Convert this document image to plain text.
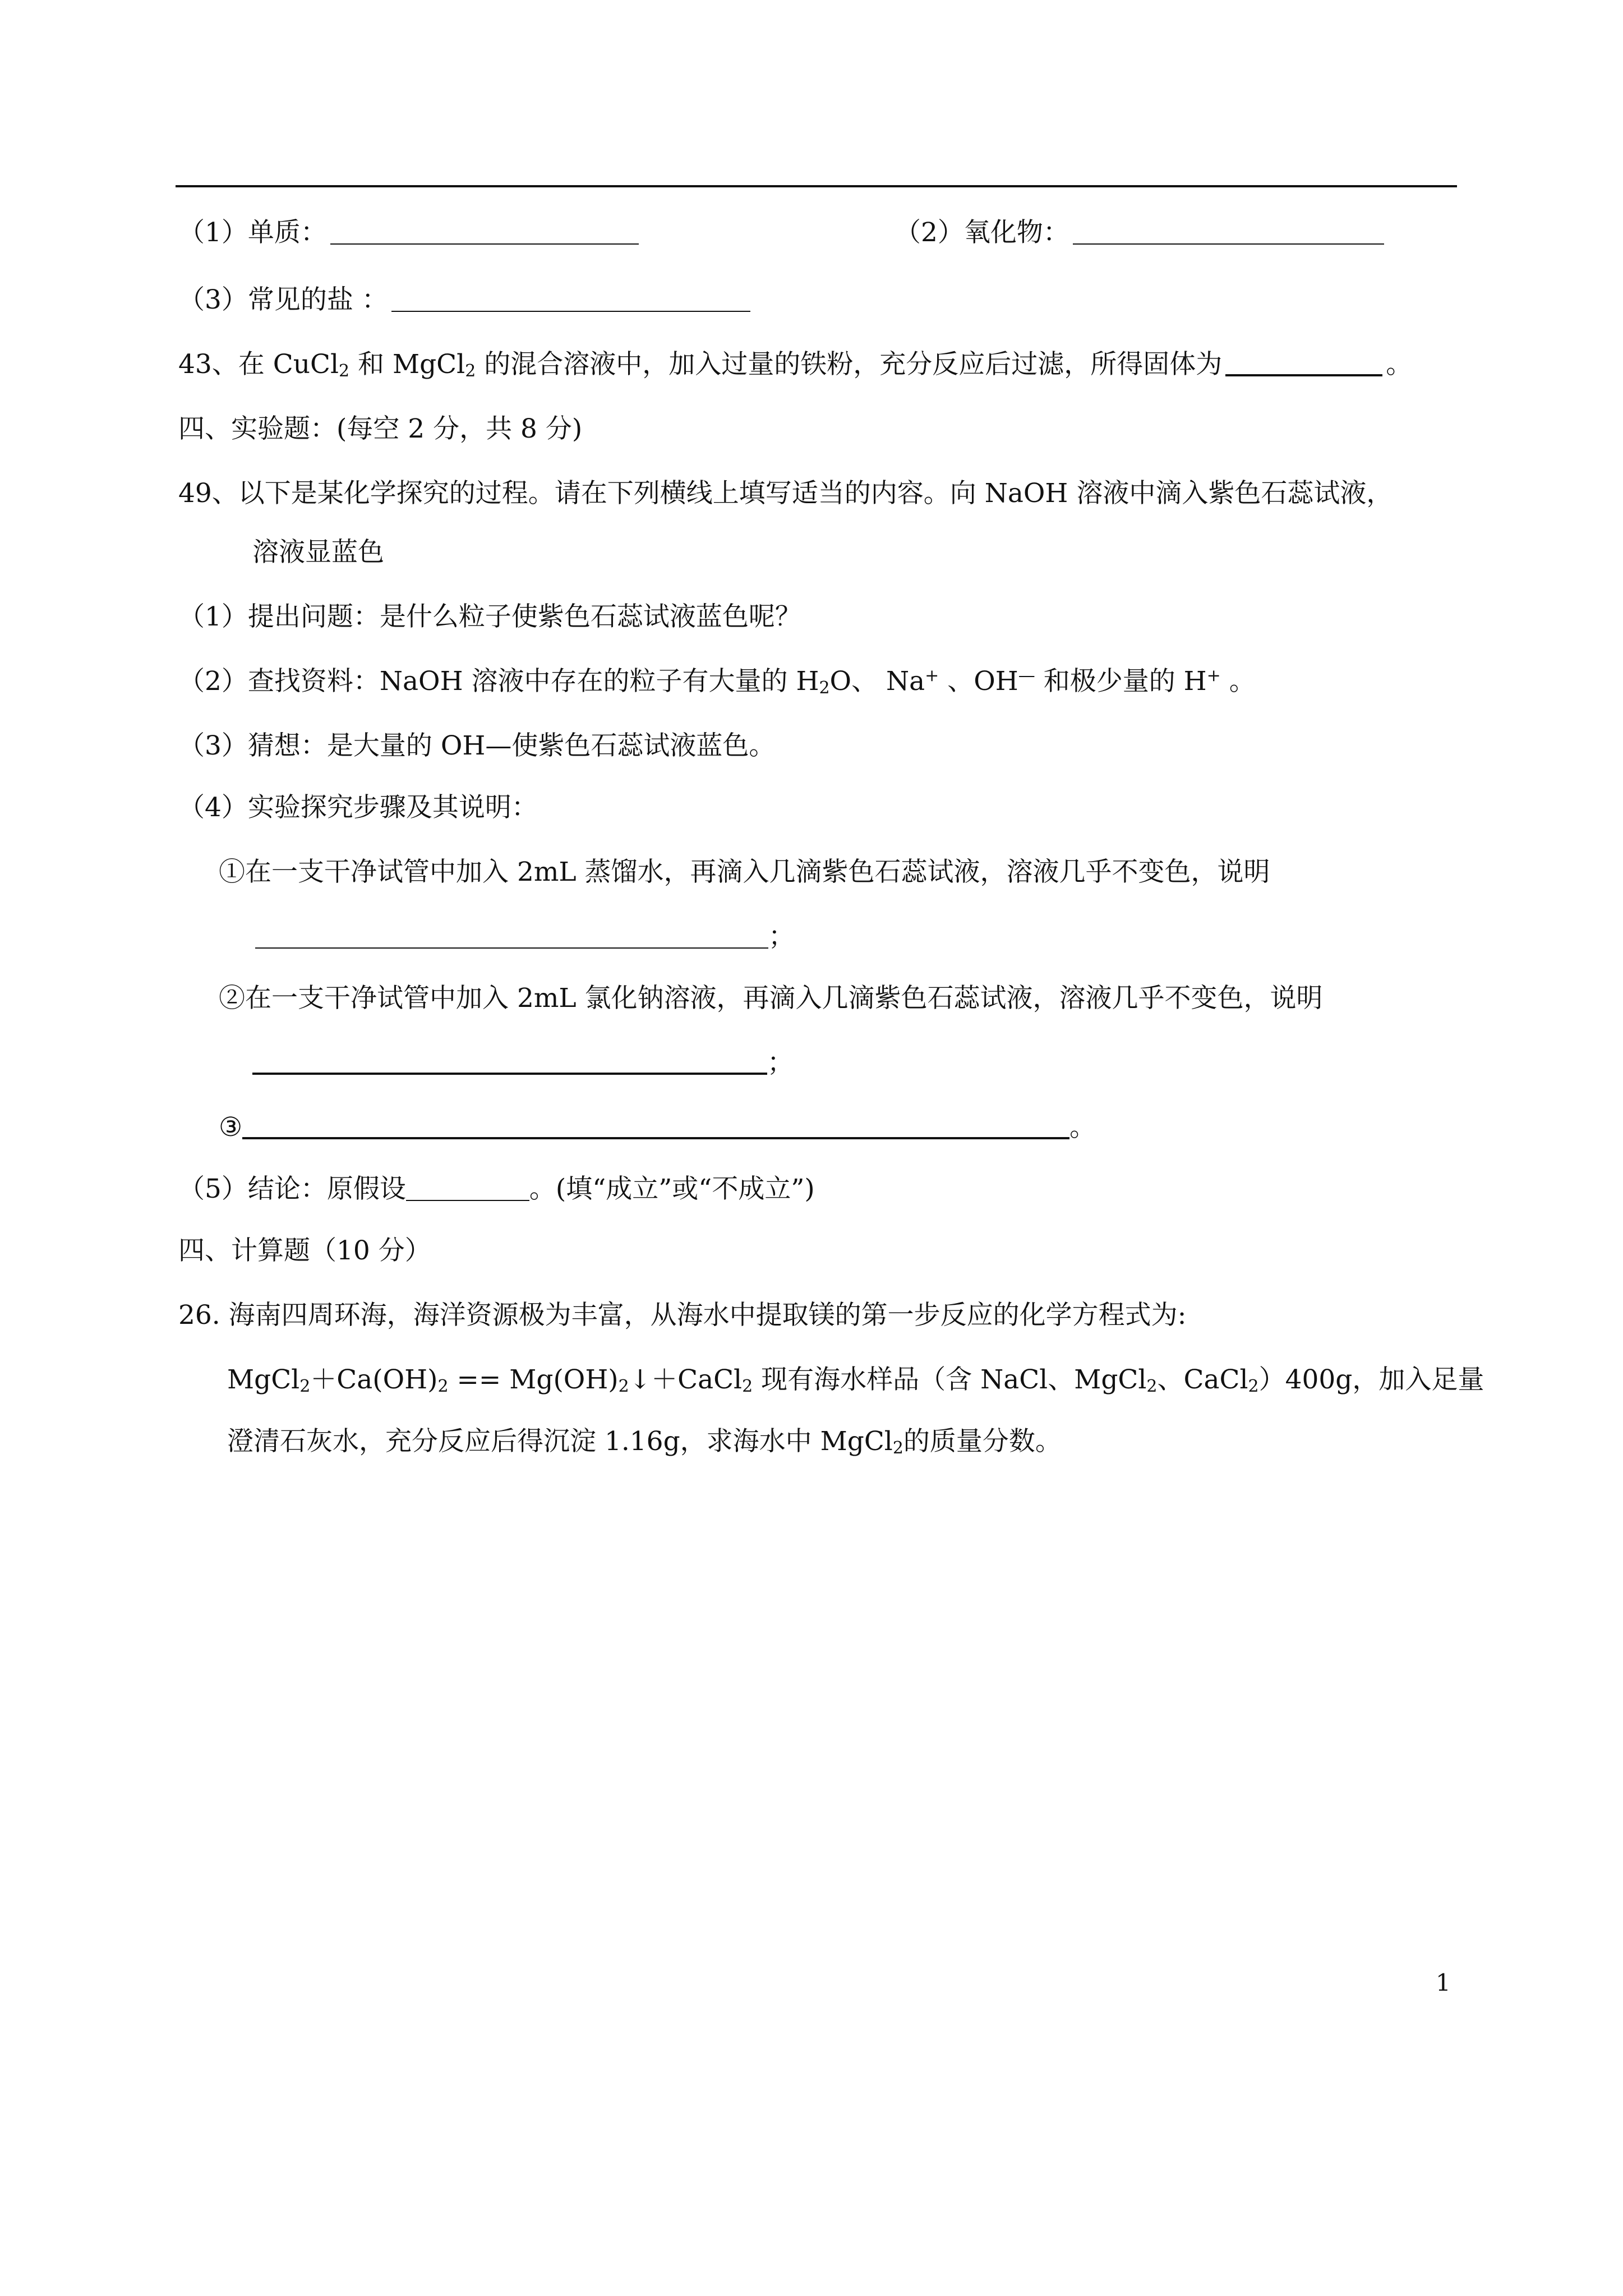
（1）单质：	（2）氧化物：
（3）常见的盐 ：
43、在 CuCl$_2$ 和 MgCl$_2$ 的混合溶液中，加入过量的铁粉，充分反应后过滤，所得固体为	。
四、实验题：(每空 2 分，共 8 分)
49、以下是某化学探究的过程。请在下列横线上填写适当的内容。向 NaOH 溶液中滴入紫色石蕊试液，
溶液显蓝色
（1）提出问题：是什么粒子使紫色石蕊试液蓝色呢？
（2）查找资料：NaOH 溶液中存在的粒子有大量的 $H_2O$、 Na+ 、OH— 和极少量的 H+ 。
（3）猜想：是大量的 OH—使紫色石蕊试液蓝色。
（4）实验探究步骤及其说明：
①在一支干净试管中加入 2mL 蒸馏水，再滴入几滴紫色石蕊试液，溶液几乎不变色，说明
；
②在一支干净试管中加入 2mL 氯化钠溶液，再滴入几滴紫色石蕊试液，溶液几乎不变色，说明
；
③	。
（5）结论：原假设	。(填“成立”或“不成立”)
四、计算题（10 分）
26. 海南四周环海，海洋资源极为丰富，从海水中提取镁的第一步反应的化学方程式为:
$MgCl_2+Ca(OH)_2$ == $Mg(OH)_2↓+CaCl_2$ 现有海水样品（含 NaCl、MgCl$_2$、CaCl$_2$）400g，加入足量
澄清石灰水，充分反应后得沉淀 1.16g，求海水中 MgCl$_2$的质量分数。
1
